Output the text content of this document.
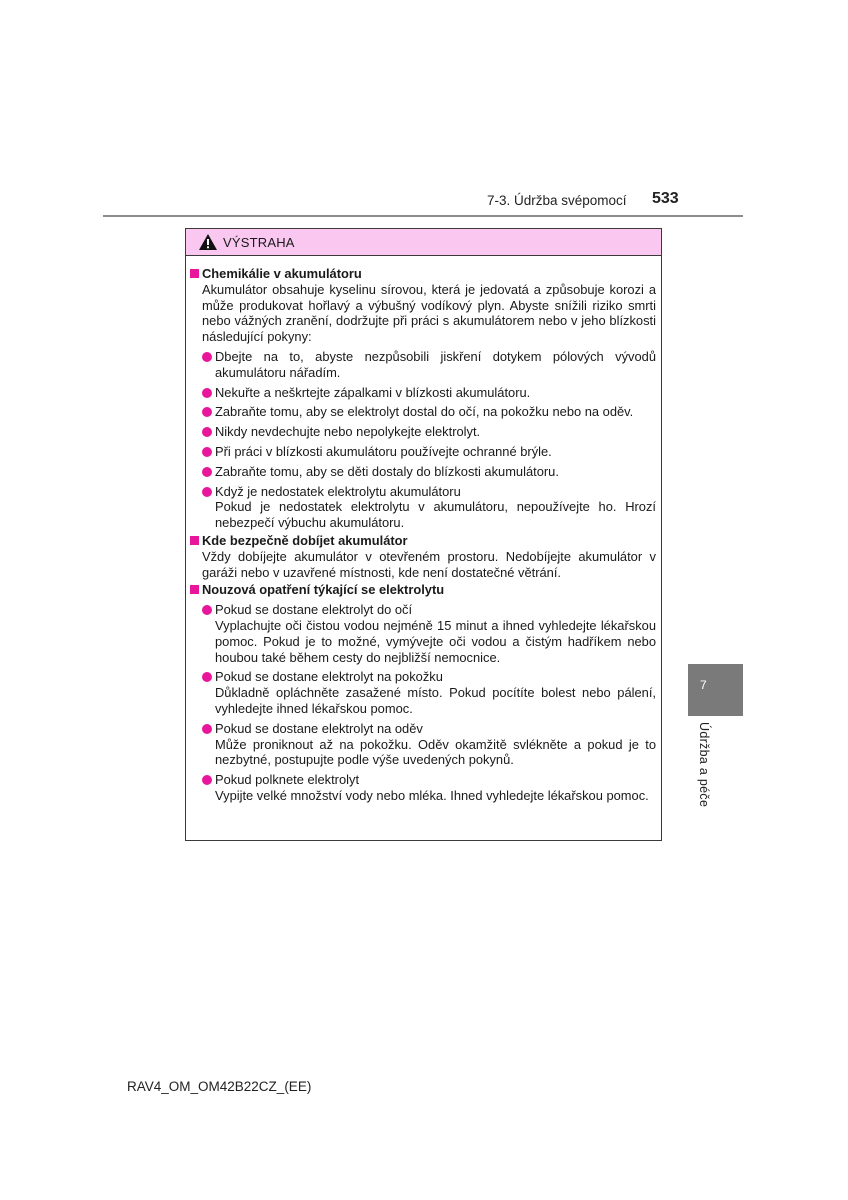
7-3. Údržba svépomocí 533
VÝSTRAHA
Chemikálie v akumulátoru
Akumulátor obsahuje kyselinu sírovou, která je jedovatá a způsobuje korozi a může produkovat hořlavý a výbušný vodíkový plyn. Abyste snížili riziko smrti nebo vážných zranění, dodržujte při práci s akumulátorem nebo v jeho blízkosti následující pokyny:
Dbejte na to, abyste nezpůsobili jiskření dotykem pólových vývodů akumulátoru nářadím.
Nekuřte a neškrtejte zápalkami v blízkosti akumulátoru.
Zabraňte tomu, aby se elektrolyt dostal do očí, na pokožku nebo na oděv.
Nikdy nevdechujte nebo nepolykejte elektrolyt.
Při práci v blízkosti akumulátoru používejte ochranné brýle.
Zabraňte tomu, aby se děti dostaly do blízkosti akumulátoru.
Když je nedostatek elektrolytu akumulátoru
Pokud je nedostatek elektrolytu v akumulátoru, nepoužívejte ho. Hrozí nebezpečí výbuchu akumulátoru.
Kde bezpečně dobíjet akumulátor
Vždy dobíjejte akumulátor v otevřeném prostoru. Nedobíjejte akumulátor v garáži nebo v uzavřené místnosti, kde není dostatečné větrání.
Nouzová opatření týkající se elektrolytu
Pokud se dostane elektrolyt do očí
Vyplachujte oči čistou vodou nejméně 15 minut a ihned vyhledejte lékařskou pomoc. Pokud je to možné, vymývejte oči vodou a čistým hadříkem nebo houbou také během cesty do nejbližší nemocnice.
Pokud se dostane elektrolyt na pokožku
Důkladně opláchněte zasažené místo. Pokud pocítíte bolest nebo pálení, vyhledejte ihned lékařskou pomoc.
Pokud se dostane elektrolyt na oděv
Může proniknout až na pokožku. Oděv okamžitě svlékněte a pokud je to nezbytné, postupujte podle výše uvedených pokynů.
Pokud polknete elektrolyt
Vypijte velké množství vody nebo mléka. Ihned vyhledejte lékařskou pomoc.
7
Údržba a péče
RAV4_OM_OM42B22CZ_(EE)
